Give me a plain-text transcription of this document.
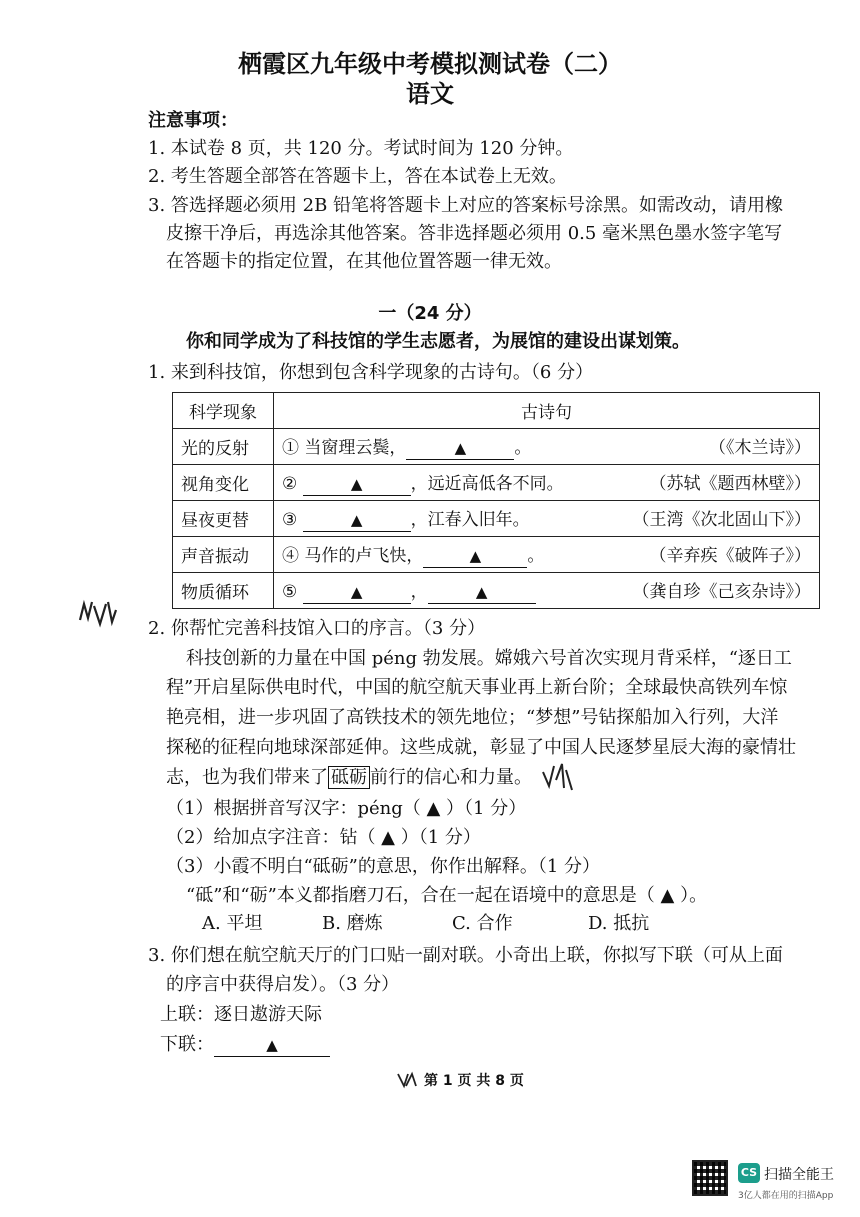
栖霞区九年级中考模拟测试卷（二）
语文
注意事项：
1. 本试卷 8 页，共 120 分。考试时间为 120 分钟。
2. 考生答题全部答在答题卡上，答在本试卷上无效。
3. 答选择题必须用 2B 铅笔将答题卡上对应的答案标号涂黑。如需改动，请用橡
皮擦干净后，再选涂其他答案。答非选择题必须用 0.5 毫米黑色墨水签字笔写
在答题卡的指定位置，在其他位置答题一律无效。
一（24 分）
你和同学成为了科技馆的学生志愿者，为展馆的建设出谋划策。
1. 来到科技馆，你想到包含科学现象的古诗句。（6 分）
科学现象	古诗句
光的反射	① 当窗理云鬓， ▲ 。 （《木兰诗》）

视角变化	② ▲ ，远近高低各不同。 （苏轼《题西林壁》）

昼夜更替	③ ▲ ，江春入旧年。 （王湾《次北固山下》）

声音振动	④ 马作的卢飞快， ▲ 。 （辛弃疾《破阵子》）

物质循环	⑤ ▲ ， ▲ （龚自珍《己亥杂诗》）
2. 你帮忙完善科技馆入口的序言。（3 分）
科技创新的力量在中国 péng 勃发展。嫦娥六号首次实现月背采样，“逐日工
程”开启星际供电时代，中国的航空航天事业再上新台阶；全球最快高铁列车惊
艳亮相，进一步巩固了高铁技术的领先地位；“梦想”号钻探船加入行列，大洋
探秘的征程向地球深部延伸。这些成就，彰显了中国人民逐梦星辰大海的豪情壮
志，也为我们带来了 砥砺 前行的信心和力量。
（1）根据拼音写汉字：péng（ ▲ ）（1 分）
（2）给加点字注音：钻（ ▲ ）（1 分）
（3）小霞不明白“砥砺”的意思，你作出解释。（1 分）
“砥”和“砺”本义都指磨刀石，合在一起在语境中的意思是（ ▲ ）。
A. 平坦	B. 磨炼	C. 合作	D. 抵抗
3. 你们想在航空航天厅的门口贴一副对联。小奇出上联，你拟写下联（可从上面
的序言中获得启发）。（3 分）
上联：逐日遨游天际
下联：	▲
第 1 页 共 8 页
CS 扫描全能王
3亿人都在用的扫描App
